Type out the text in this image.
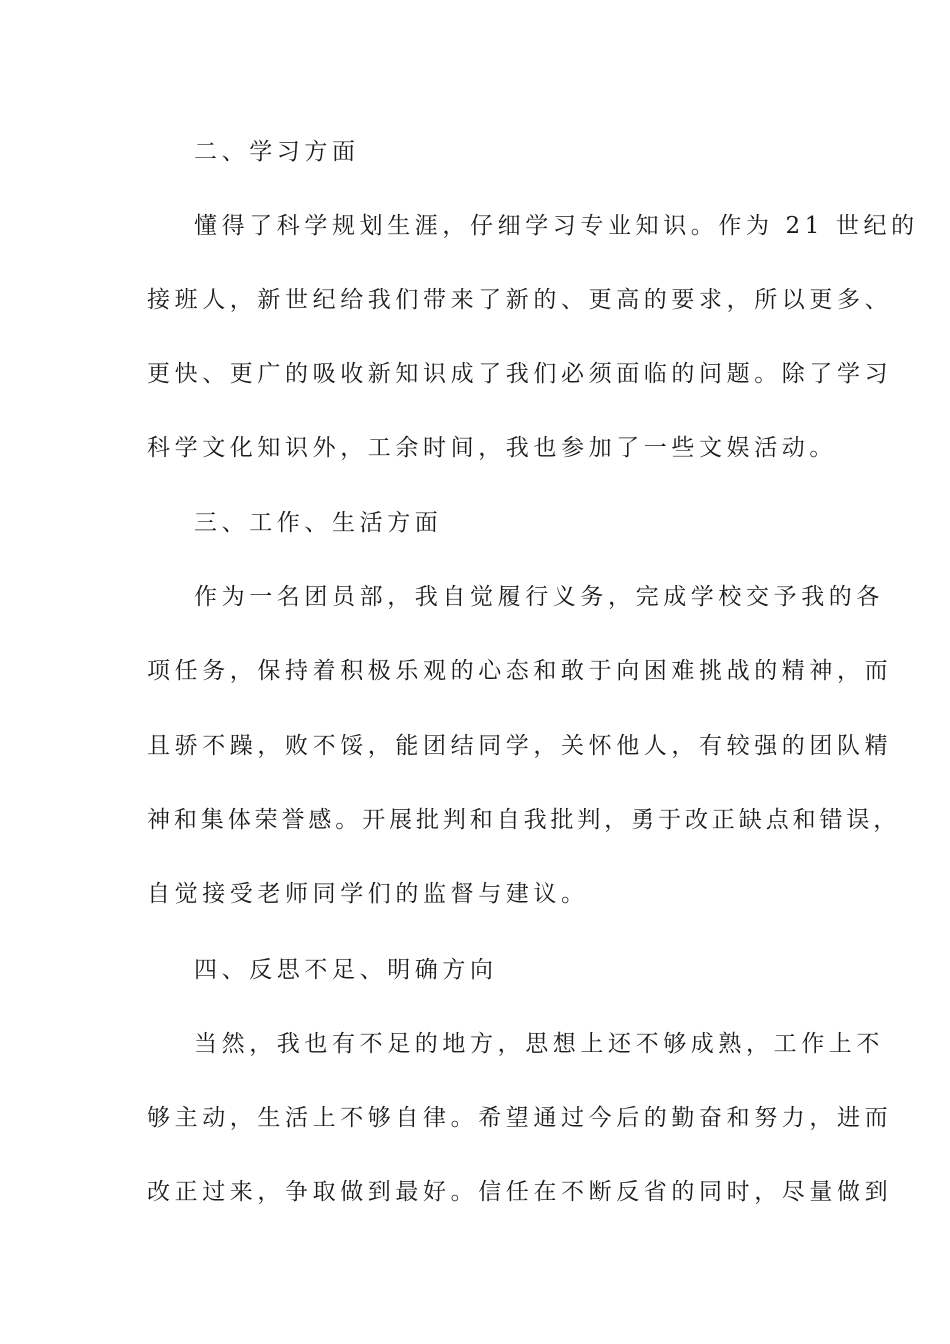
二、学习方面

懂得了科学规划生涯，仔细学习专业知识。作为 21 世纪的

接班人，新世纪给我们带来了新的、更高的要求，所以更多、

更快、更广的吸收新知识成了我们必须面临的问题。除了学习

科学文化知识外，工余时间，我也参加了一些文娱活动。

三、工作、生活方面

作为一名团员部，我自觉履行义务，完成学校交予我的各

项任务，保持着积极乐观的心态和敢于向困难挑战的精神，而

且骄不躁，败不馁，能团结同学，关怀他人，有较强的团队精

神和集体荣誉感。开展批判和自我批判，勇于改正缺点和错误，

自觉接受老师同学们的监督与建议。

四、反思不足、明确方向

当然，我也有不足的地方，思想上还不够成熟，工作上不

够主动，生活上不够自律。希望通过今后的勤奋和努力，进而

改正过来，争取做到最好。信任在不断反省的同时，尽量做到
